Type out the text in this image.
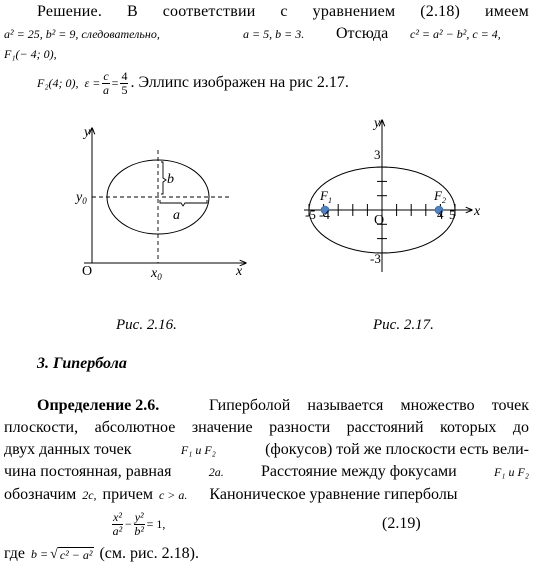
Решение. В соответствии с уравнением (2.18) имеем
a² = 25, b² = 9, следовательно,	a = 5, b = 3. Отсюда c² = a² − b², c = 4,
F₁(− 4; 0),
F₂(4; 0), $\varepsilon = \frac{c}{a} = \frac{4}{5}$ . Эллипс изображен на рис 2.17.
y
x
O	$x_0$
$y_0$
b
a
y
x
O
3
-3
-5 -4	4 5
$F_1$	$F_2$
Рис. 2.16.	Рис. 2.17.
3. Гипербола
Определение 2.6.	Гиперболой называется множество точек
плоскости, абсолютное значение разности расстояний которых до
двух данных точек	F₁ и F₂	(фокусов) той же плоскости есть вели-
чина постоянная, равная	2a. Расстояние между фокусами	F₁ и F₂
обозначим 2c, причем c > a. Каноническое уравнение гиперболы
$\frac{\text{x²}}{\text{a²}} - \frac{\text{y²}}{\text{b²}} = 1$,	(2.19)
где b = √ c² − a² (см. рис. 2.18).
